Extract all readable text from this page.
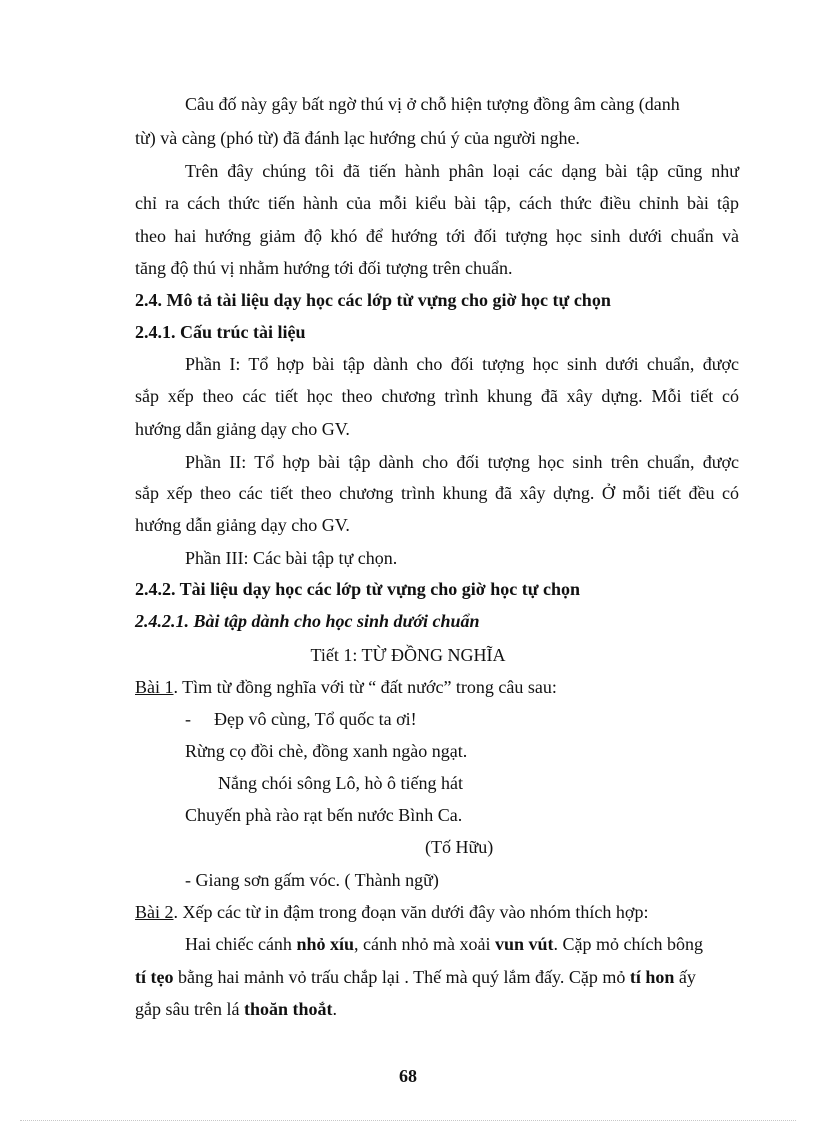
Câu đố này gây bất ngờ thú vị ở chỗ hiện tượng đồng âm càng (danh
từ) và càng (phó từ) đã đánh lạc hướng chú ý của người nghe.
Trên đây chúng tôi đã tiến hành phân loại các dạng bài tập cũng như
chỉ ra cách thức tiến hành của mỗi kiểu bài tập, cách thức điều chỉnh bài tập
theo hai hướng giảm độ khó để hướng tới đối tượng học sinh dưới chuẩn và
tăng độ thú vị nhằm hướng tới đối tượng trên chuẩn.
2.4. Mô tả tài liệu dạy học các lớp từ vựng cho giờ học tự chọn
2.4.1. Cấu trúc tài liệu
Phần I: Tổ hợp bài tập dành cho đối tượng học sinh dưới chuẩn, được
sắp xếp theo các tiết học theo chương trình khung đã xây dựng. Mỗi tiết có
hướng dẫn giảng dạy cho GV.
Phần II: Tổ hợp bài tập dành cho đối tượng học sinh trên chuẩn, được
sắp xếp theo các tiết theo chương trình khung đã xây dựng. Ở mỗi tiết đều có
hướng dẫn giảng dạy cho GV.
Phần III: Các bài tập tự chọn.
2.4.2. Tài liệu dạy học các lớp từ vựng cho giờ học tự chọn
2.4.2.1. Bài tập dành cho học sinh dưới chuẩn
Tiết 1: TỪ ĐỒNG NGHĨA
Bài 1. Tìm từ đồng nghĩa với từ “ đất nước” trong câu sau:
- Đẹp vô cùng, Tổ quốc ta ơi!
Rừng cọ đồi chè, đồng xanh ngào ngạt.
Nắng chói sông Lô, hò ô tiếng hát
Chuyến phà rào rạt bến nước Bình Ca.
(Tố Hữu)
- Giang sơn gấm vóc. ( Thành ngữ)
Bài 2. Xếp các từ in đậm trong đoạn văn dưới đây vào nhóm thích hợp:
Hai chiếc cánh nhỏ xíu, cánh nhỏ mà xoải vun vút. Cặp mỏ chích bông
tí tẹo bằng hai mảnh vỏ trấu chắp lại . Thế mà quý lắm đấy. Cặp mỏ tí hon ấy
gắp sâu trên lá thoăn thoắt.
68
